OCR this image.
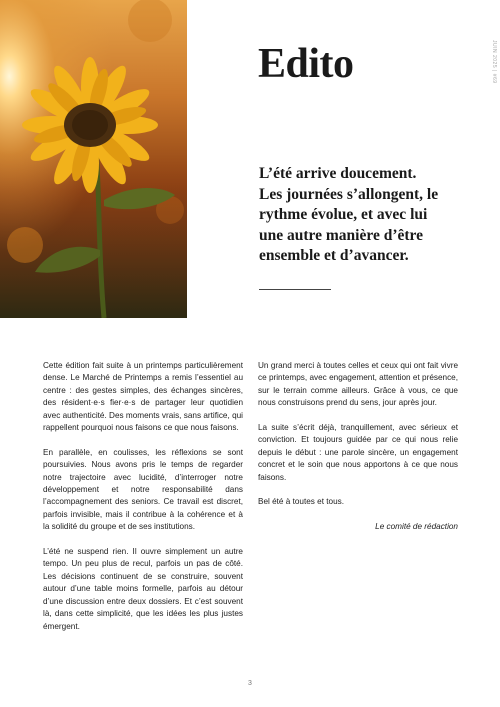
Edito	JUIN 2025 | #69
L’été arrive doucement.
Les journées s’allongent, le
rythme évolue, et avec lui
une autre manière d’être
ensemble et d’avancer.

Cette édition fait suite à un printemps particulièrement dense. Le Marché de Printemps a remis l’essentiel au centre : des gestes simples, des échanges sincères, des résident·e·s fier·e·s de partager leur quotidien avec authenticité. Des moments vrais, sans artifice, qui rappellent pourquoi nous faisons ce que nous faisons.

En parallèle, en coulisses, les réflexions se sont poursuivies. Nous avons pris le temps de regarder notre trajectoire avec lucidité, d’interroger notre développement et notre responsabilité dans l’accompagnement des seniors. Ce travail est discret, parfois invisible, mais il contribue à la cohérence et à la solidité du groupe et de ses institutions.

L’été ne suspend rien. Il ouvre simplement un autre tempo. Un peu plus de recul, parfois un pas de côté. Les décisions continuent de se construire, souvent autour d’une table moins formelle, parfois au détour d’une discussion entre deux dossiers. Et c’est souvent là, dans cette simplicité, que les idées les plus justes émergent.

Un grand merci à toutes celles et ceux qui ont fait vivre ce printemps, avec engagement, attention et présence, sur le terrain comme ailleurs. Grâce à vous, ce que nous construisons prend du sens, jour après jour.

La suite s’écrit déjà, tranquillement, avec sérieux et conviction. Et toujours guidée par ce qui nous relie depuis le début : une parole sincère, un engagement concret et le soin que nous apportons à ce que nous faisons.

Bel été à toutes et tous.

Le comité de rédaction

3
